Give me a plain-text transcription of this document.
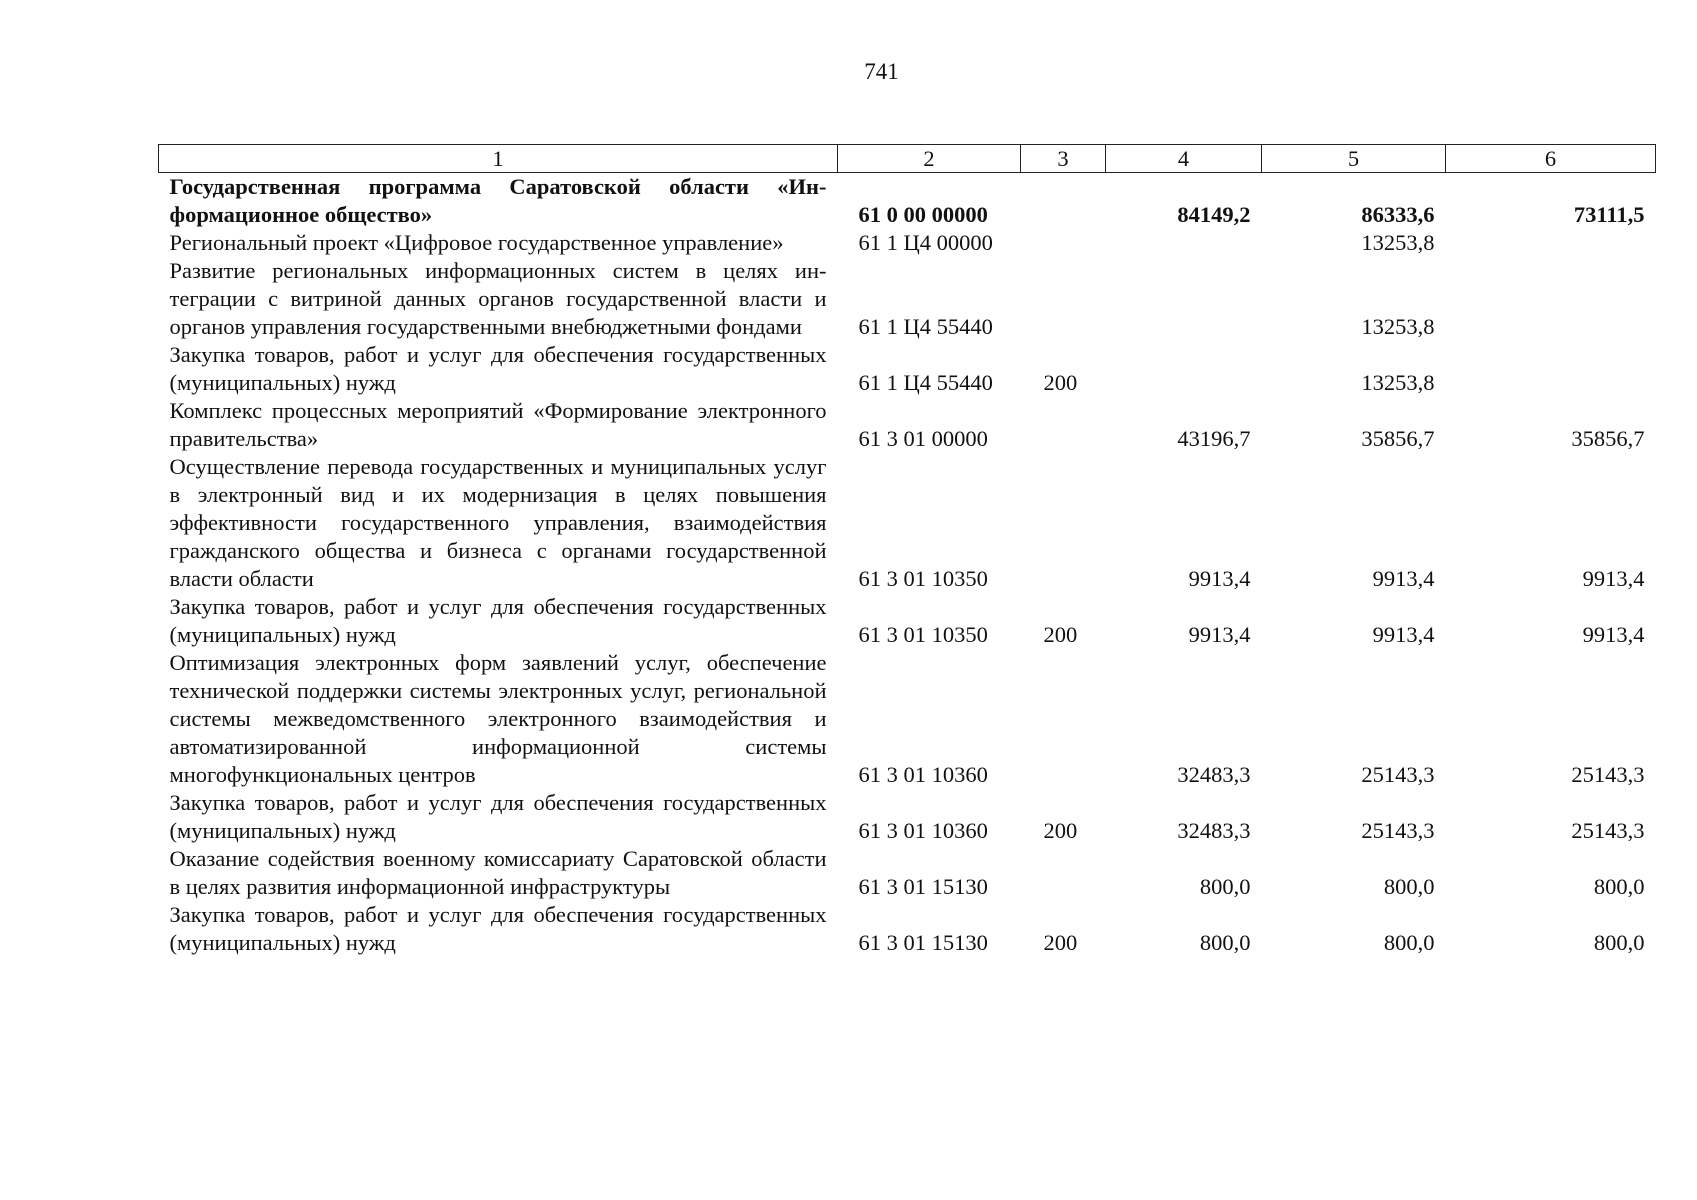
741
1	2	3	4	5	6
Государственная программа Саратовской области «Информационное общество»	61 0 00 00000		84149,2	86333,6	73111,5
Региональный проект «Цифровое государственное управление»	61 1 Ц4 00000			13253,8	
Развитие региональных информационных систем в целях интеграции с витриной данных органов государственной власти и органов управления государственными внебюджетными фондами	61 1 Ц4 55440			13253,8	
Закупка товаров, работ и услуг для обеспечения государственных (муниципальных) нужд	61 1 Ц4 55440	200		13253,8	
Комплекс процессных мероприятий «Формирование электронного правительства»	61 3 01 00000		43196,7	35856,7	35856,7
Осуществление перевода государственных и муниципальных услуг в электронный вид и их модернизация в целях повышения эффективности государственного управления, взаимодействия гражданского общества и бизнеса с органами государственной власти области	61 3 01 10350		9913,4	9913,4	9913,4
Закупка товаров, работ и услуг для обеспечения государственных (муниципальных) нужд	61 3 01 10350	200	9913,4	9913,4	9913,4
Оптимизация электронных форм заявлений услуг, обеспечение технической поддержки системы электронных услуг, региональной системы межведомственного электронного взаимодействия и автоматизированной информационной системы многофункциональных центров	61 3 01 10360		32483,3	25143,3	25143,3
Закупка товаров, работ и услуг для обеспечения государственных (муниципальных) нужд	61 3 01 10360	200	32483,3	25143,3	25143,3
Оказание содействия военному комиссариату Саратовской области в целях развития информационной инфраструктуры	61 3 01 15130		800,0	800,0	800,0
Закупка товаров, работ и услуг для обеспечения государственных (муниципальных) нужд	61 3 01 15130	200	800,0	800,0	800,0
